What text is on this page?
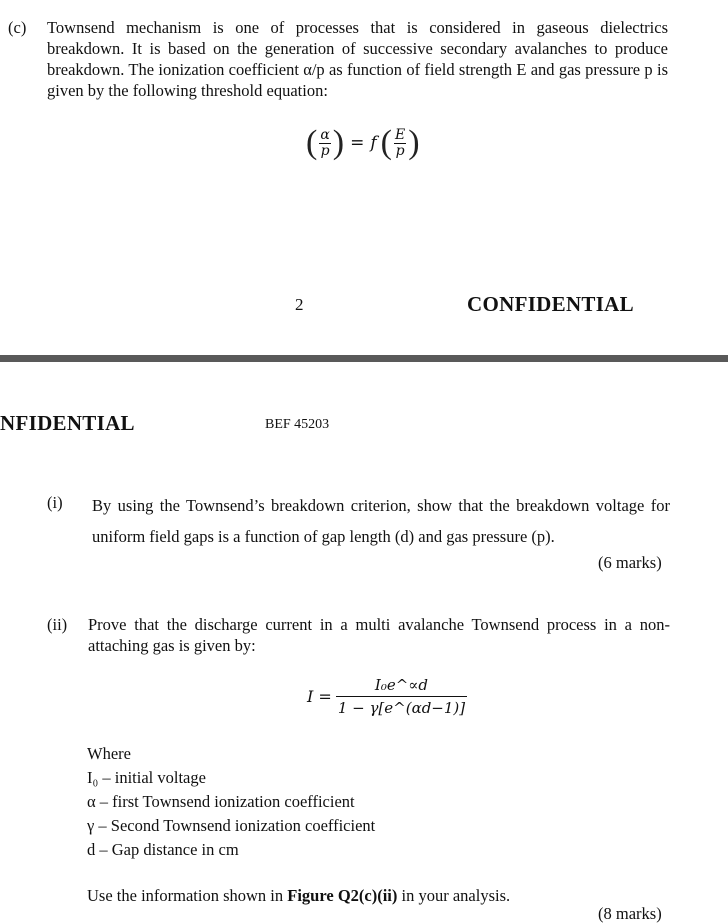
(c) Townsend mechanism is one of processes that is considered in gaseous dielectrics breakdown. It is based on the generation of successive secondary avalanches to produce breakdown. The ionization coefficient α/p as function of field strength E and gas pressure p is given by the following threshold equation:
( $\frac{\alpha}{p}$ ) = f ( $\frac{E}{p}$ )
2	CONFIDENTIAL
NFIDENTIAL	BEF 45203
(i) By using the Townsend’s breakdown criterion, show that the breakdown voltage for uniform field gaps is a function of gap length (d) and gas pressure (p).
(6 marks)
(ii) Prove that the discharge current in a multi avalanche Townsend process in a non-attaching gas is given by:
$I = \frac{\text{I₀e\textasciicircum{}∝d}}{1 - \gamma[e\^{}(\alpha d-1)]}$
Where
I₀ – initial voltage
α – first Townsend ionization coefficient
γ – Second Townsend ionization coefficient
d – Gap distance in cm
Use the information shown in Figure Q2(c)(ii) in your analysis.
(8 marks)
